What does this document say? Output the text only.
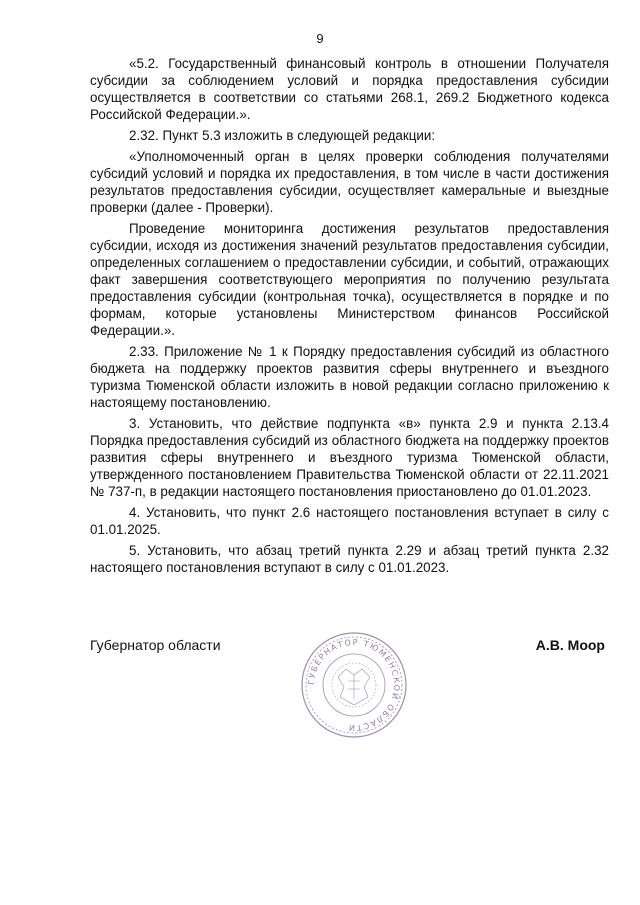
9

«5.2. Государственный финансовый контроль в отношении Получателя субсидии за соблюдением условий и порядка предоставления субсидии осуществляется в соответствии со статьями 268.1, 269.2 Бюджетного кодекса Российской Федерации.».

2.32. Пункт 5.3 изложить в следующей редакции:

«Уполномоченный орган в целях проверки соблюдения получателями субсидий условий и порядка их предоставления, в том числе в части достижения результатов предоставления субсидии, осуществляет камеральные и выездные проверки (далее - Проверки).

Проведение мониторинга достижения результатов предоставления субсидии, исходя из достижения значений результатов предоставления субсидии, определенных соглашением о предоставлении субсидии, и событий, отражающих факт завершения соответствующего мероприятия по получению результата предоставления субсидии (контрольная точка), осуществляется в порядке и по формам, которые установлены Министерством финансов Российской Федерации.».

2.33. Приложение № 1 к Порядку предоставления субсидий из областного бюджета на поддержку проектов развития сферы внутреннего и въездного туризма Тюменской области изложить в новой редакции согласно приложению к настоящему постановлению.

3. Установить, что действие подпункта «в» пункта 2.9 и пункта 2.13.4 Порядка предоставления субсидий из областного бюджета на поддержку проектов развития сферы внутреннего и въездного туризма Тюменской области, утвержденного постановлением Правительства Тюменской области от 22.11.2021 № 737-п, в редакции настоящего постановления приостановлено до 01.01.2023.

4. Установить, что пункт 2.6 настоящего постановления вступает в силу с 01.01.2025.

5. Установить, что абзац третий пункта 2.29 и абзац третий пункта 2.32 настоящего постановления вступают в силу с 01.01.2023.

Губернатор области
ГУБЕРНАТОР ТЮМЕНСКОЙ ОБЛАСТИ
А.В. Моор
